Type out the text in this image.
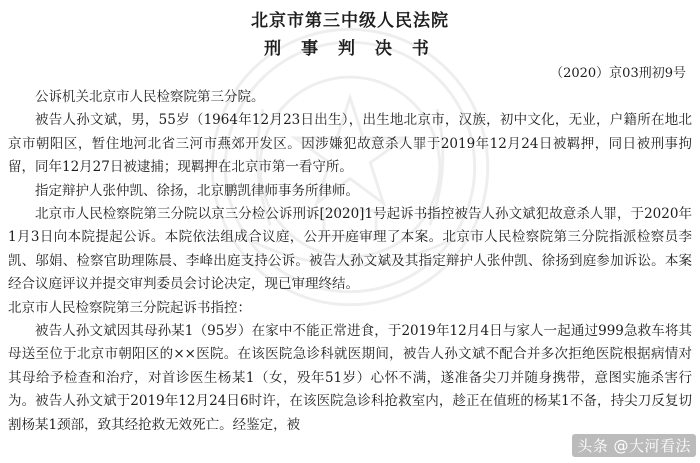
北京市第三中级人民法院
刑 事 判 决 书
（2020）京03刑初9号

公诉机关北京市人民检察院第三分院。

被告人孙文斌，男，55岁（1964年12月23日出生），出生地北京市，汉族，初中文化，无业，户籍所在地北京市朝阳区，暂住地河北省三河市燕郊开发区。因涉嫌犯故意杀人罪于2019年12月24日被羁押，同日被刑事拘留，同年12月27日被逮捕；现羁押在北京市第一看守所。

指定辩护人张仲凯、徐扬，北京鹏凯律师事务所律师。

北京市人民检察院第三分院以京三分检公诉刑诉[2020]1号起诉书指控被告人孙文斌犯故意杀人罪，于2020年1月3日向本院提起公诉。本院依法组成合议庭，公开开庭审理了本案。北京市人民检察院第三分院指派检察员李凯、邬娟、检察官助理陈晨、李峰出庭支持公诉。被告人孙文斌及其指定辩护人张仲凯、徐扬到庭参加诉讼。本案经合议庭评议并提交审判委员会讨论决定，现已审理终结。

北京市人民检察院第三分院起诉书指控：

被告人孙文斌因其母孙某1（95岁）在家中不能正常进食，于2019年12月4日与家人一起通过999急救车将其母送至位于北京市朝阳区的××医院。在该医院急诊科就医期间，被告人孙文斌不配合并多次拒绝医院根据病情对其母给予检查和治疗，对首诊医生杨某1（女，殁年51岁）心怀不满，遂准备尖刀并随身携带，意图实施杀害行为。被告人孙文斌于2019年12月24日6时许，在该医院急诊科抢救室内，趁正在值班的杨某1不备，持尖刀反复切割杨某1颈部，致其经抢救无效死亡。经鉴定，被

头条 @大河看法
